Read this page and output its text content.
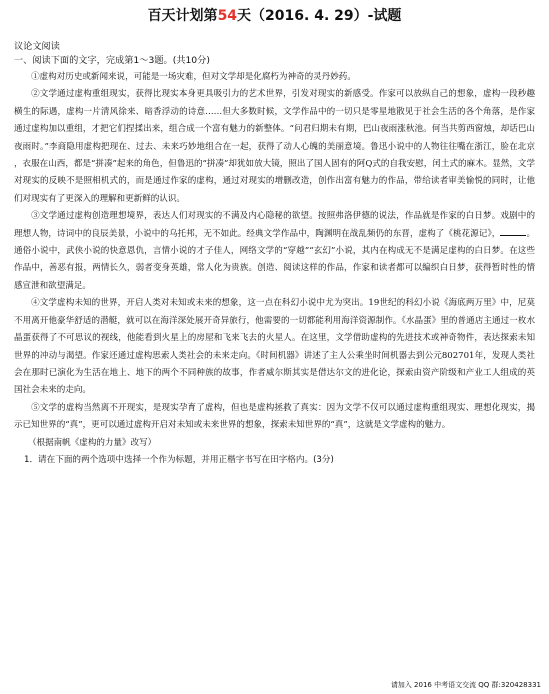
百天计划第54天（2016. 4. 29）-试题

议论文阅读

一、阅读下面的文字，完成第1～3题。(共10分)

①虚构对历史或新闻来说，可能是一场灾难，但对文学却是化腐朽为神奇的灵丹妙药。

②文学通过虚构重组现实，获得比现实本身更具吸引力的艺术世界，引发对现实的新感受。作家可以放纵自己的想象，虚构一段秒趣横生的际遇，虚构一片清风徐来、暗香浮动的诗意……但大多数时候，文学作品中的一切只是零星地散见于社会生活的各个角落，是作家通过虚构加以重组，才把它们捏揉出来，组合成一个富有魅力的新整体。“问君归期未有期，巴山夜雨涨秋池。何当共剪西窗烛，却话巴山夜雨时。”李商隐用虚构把现在、过去、未来巧妙地组合在一起，获得了动人心魄的美丽意境。鲁迅小说中的人物往往嘴在浙江，脸在北京，衣服在山西，都是“拼凑”起来的角色，但鲁迅的“拼凑”却犹如放大镜，照出了国人固有的阿Q式的自我安慰，闰土式的麻木。显然，文学对现实的反映不是照相机式的，而是通过作家的虚构，通过对现实的增删改造，创作出富有魅力的作品，带给读者审美愉悦的同时，让他们对现实有了更深入的理解和更新鲜的认识。

③文学通过虚构创造理想境界，表达人们对现实的不满及内心隐秘的欲望。按照弗洛伊德的说法，作品就是作家的白日梦。戏剧中的理想人物，诗词中的良辰美景，小说中的乌托邦，无不如此。经典文学作品中，陶渊明在战乱频仍的东晋，虚构了《桃花源记》，	。通俗小说中，武侠小说的快意恩仇，言情小说的才子佳人，网络文学的“穿越”“玄幻”小说，其内在构成无不是满足虚构的白日梦。在这些作品中，善恶有报，两情长久，弱者变身英雄，常人化为贵族。创造、阅读这样的作品，作家和读者都可以编织白日梦，获得暂时性的情感宣泄和欲望满足。

④文学虚构未知的世界，开启人类对未知或未来的想象，这一点在科幻小说中尤为突出。19世纪的科幻小说《海底两万里》中，尼莫不用离开他豪华舒适的潜艇，就可以在海洋深处展开奇异旅行，他需要的一切都能利用海洋资源制作。《水晶蛋》里的普通店主通过一枚水晶蛋获得了不可思议的视线，他能看到火星上的房屋和飞来飞去的火星人。在这里，文学借助虚构的先进技术或神奇物件，表达探索未知世界的冲动与渴望。作家还通过虚构思索人类社会的未来走向。《时间机器》讲述了主人公乘坐时间机器去到公元802701年，发现人类社会在那时已演化为生活在地上、地下的两个不同种族的故事，作者威尔斯其实是借达尔文的进化论，探索由资产阶级和产业工人组成的英国社会未来的走向。

⑤文学的虚构当然离不开现实，是现实孕育了虚构，但也是虚构拯救了真实：因为文学不仅可以通过虚构重组现实、理想化现实，揭示已知世界的“真”，更可以通过虚构开启对未知或未来世界的想象，探索未知世界的“真”，这就是文学虚构的魅力。

（根据南帆《虚构的力量》改写）

1．请在下面的两个选项中选择一个作为标题，并用正楷字书写在田字格内。(3分)

请加入 2016 中考语文交流 QQ 群:320428331
